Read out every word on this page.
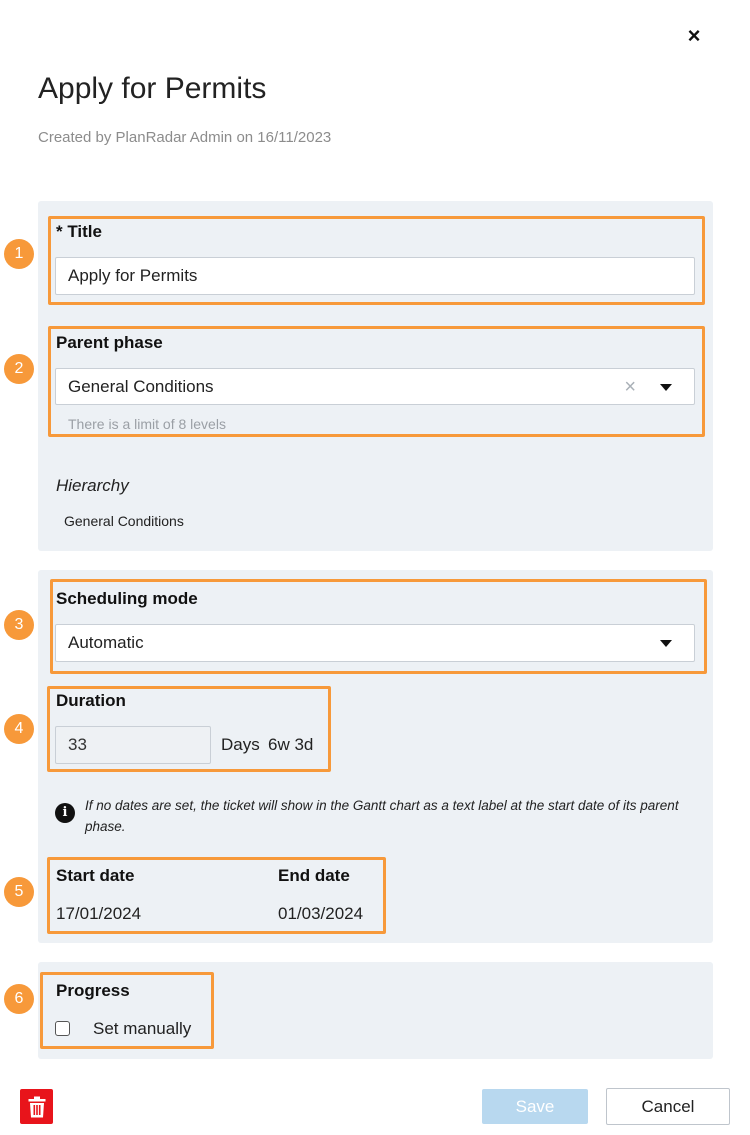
×
Apply for Permits
Created by PlanRadar Admin on 16/11/2023
1
2
3
4
5
6
* Title
Apply for Permits
Parent phase
General Conditions	×
There is a limit of 8 levels
Hierarchy
General Conditions
Scheduling mode
Automatic
Duration
33	Days 6w 3d
i	If no dates are set, the ticket will show in the Gantt chart as a text label at the start date of its parent phase.
Start date
17/01/2024
End date
01/03/2024
Progress
Set manually
Save	Cancel
